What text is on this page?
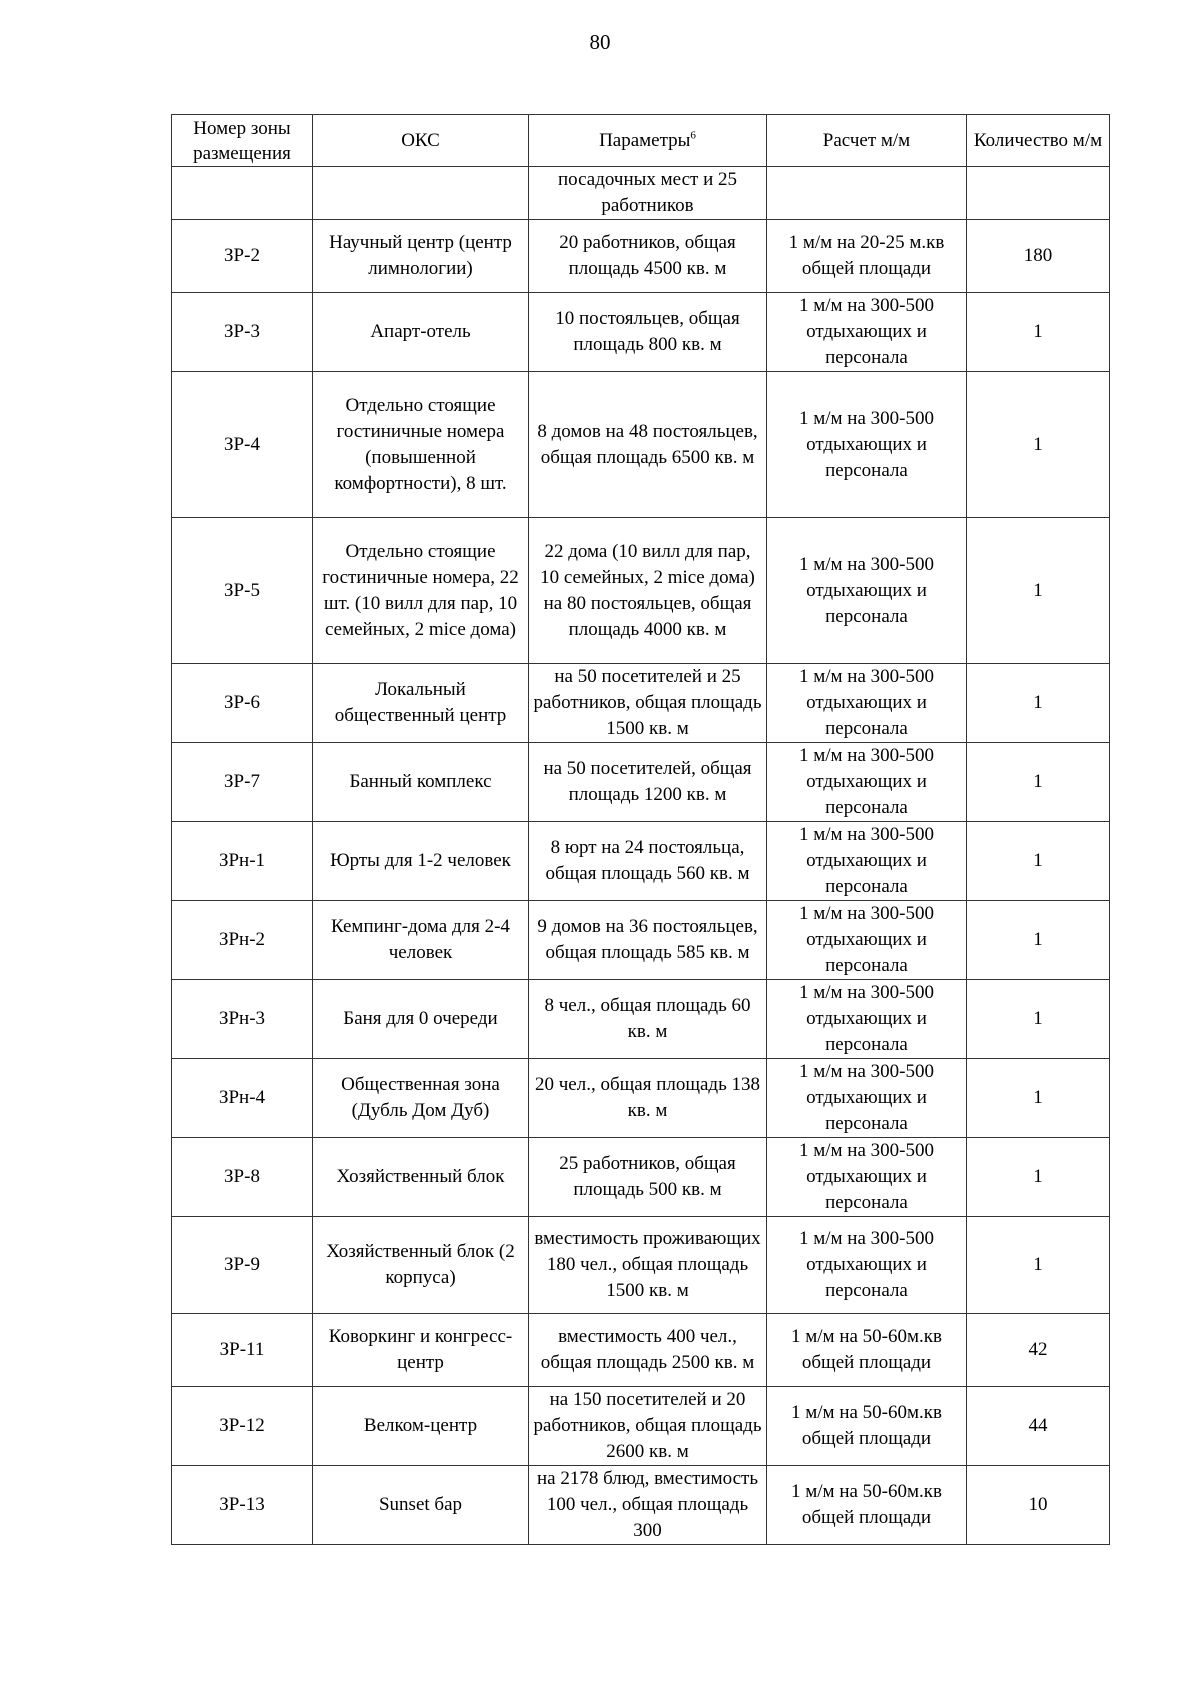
80
Номер зоны размещения	ОКС	Параметры$^6$	Расчет м/м	Количество м/м
		посадочных мест и 25 работников		
ЗР-2	Научный центр (центр лимнологии)	20 работников, общая площадь 4500 кв. м	1 м/м на 20-25 м.кв общей площади	180
ЗР-3	Апарт-отель	10 постояльцев, общая площадь 800 кв. м	1 м/м на 300-500 отдыхающих и персонала	1
ЗР-4	Отдельно стоящие гостиничные номера (повышенной комфортности), 8 шт.	8 домов на 48 постояльцев, общая площадь 6500 кв. м	1 м/м на 300-500 отдыхающих и персонала	1
ЗР-5	Отдельно стоящие гостиничные номера, 22 шт. (10 вилл для пар, 10 семейных, 2 mice дома)	22 дома (10 вилл для пар, 10 семейных, 2 mice дома) на 80 постояльцев, общая площадь 4000 кв. м	1 м/м на 300-500 отдыхающих и персонала	1
ЗР-6	Локальный общественный центр	на 50 посетителей и 25 работников, общая площадь 1500 кв. м	1 м/м на 300-500 отдыхающих и персонала	1
ЗР-7	Банный комплекс	на 50 посетителей, общая площадь 1200 кв. м	1 м/м на 300-500 отдыхающих и персонала	1
ЗРн-1	Юрты для 1-2 человек	8 юрт на 24 постояльца, общая площадь 560 кв. м	1 м/м на 300-500 отдыхающих и персонала	1
ЗРн-2	Кемпинг-дома для 2-4 человек	9 домов на 36 постояльцев, общая площадь 585 кв. м	1 м/м на 300-500 отдыхающих и персонала	1
ЗРн-3	Баня для 0 очереди	8 чел., общая площадь 60 кв. м	1 м/м на 300-500 отдыхающих и персонала	1
ЗРн-4	Общественная зона (Дубль Дом Дуб)	20 чел., общая площадь 138 кв. м	1 м/м на 300-500 отдыхающих и персонала	1
ЗР-8	Хозяйственный блок	25 работников, общая площадь 500 кв. м	1 м/м на 300-500 отдыхающих и персонала	1
ЗР-9	Хозяйственный блок (2 корпуса)	вместимость проживающих 180 чел., общая площадь 1500 кв. м	1 м/м на 300-500 отдыхающих и персонала	1
ЗР-11	Коворкинг и конгресс-центр	вместимость 400 чел., общая площадь 2500 кв. м	1 м/м на 50-60м.кв общей площади	42
ЗР-12	Велком-центр	на 150 посетителей и 20 работников, общая площадь 2600 кв. м	1 м/м на 50-60м.кв общей площади	44
ЗР-13	Sunset бар	на 2178 блюд, вместимость 100 чел., общая площадь 300	1 м/м на 50-60м.кв общей площади	10
